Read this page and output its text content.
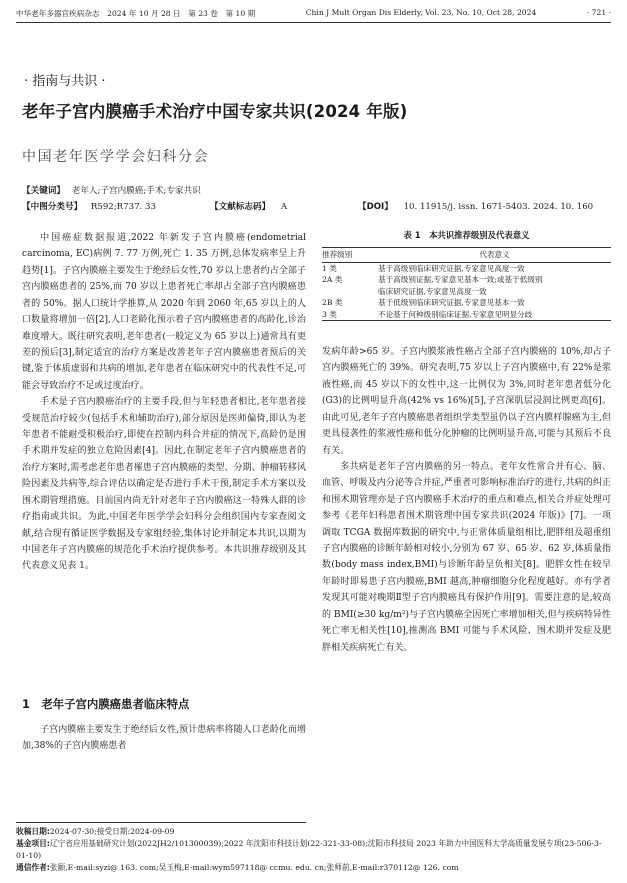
中华老年多器官疾病杂志　2024 年 10 月 28 日　第 23 卷　第 10 期	Chin J Mult Organ Dis Elderly, Vol. 23, No. 10, Oct 28, 2024	· 721 ·
· 指南与共识 ·
老年子宫内膜癌手术治疗中国专家共识(2024 年版)
中国老年医学学会妇科分会
【关键词】 老年人;子宫内膜癌;手术;专家共识
【中图分类号】 R592;R737. 33	【文献标志码】 A	【DOI】 10. 11915/j. issn. 1671-5403. 2024. 10. 160

中国癌症数据报道,2022 年新发子宫内膜癌(endometrial carcinoma, EC)病例 7. 77 万例,死亡 1. 35 万例,总体发病率呈上升趋势[1]。子宫内膜癌主要发生于绝经后女性,70 岁以上患者约占全部子宫内膜癌患者的 25%,而 70 岁以上患者死亡率却占全部子宫内膜癌患者的 50%。据人口统计学推算,从 2020 年到 2060 年,65 岁以上的人口数量将增加一倍[2],人口老龄化预示着子宫内膜癌患者的高龄化,诊治难度增大。既往研究表明,老年患者(一般定义为 65 岁以上)通常具有更差的预后[3],制定适宜的治疗方案是改善老年子宫内膜癌患者预后的关键,鉴于体质虚弱和共病的增加,老年患者在临床研究中的代表性不足,可能会导致治疗不足或过度治疗。

手术是子宫内膜癌治疗的主要手段,但与年轻患者相比,老年患者接受规范治疗较少(包括手术和辅助治疗),部分原因是医师偏倚,即认为老年患者不能耐受积极治疗,即使在控制内科合并症的情况下,高龄仍是围手术期并发症的独立危险因素[4]。因此,在制定老年子宫内膜癌患者的治疗方案时,需考虑老年患者罹患子宫内膜癌的类型、分期、肿瘤转移风险因素及共病等,综合评估以确定是否进行手术干预,制定手术方案以及围术期管理措施。目前国内尚无针对老年子宫内膜癌这一特殊人群的诊疗指南或共识。为此,中国老年医学学会妇科分会组织国内专家查阅文献,结合现有循证医学数据及专家组经验,集体讨论并制定本共识,以期为中国老年子宫内膜癌的规范化手术治疗提供参考。本共识推荐级别及其代表意义见表 1。

1　老年子宫内膜癌患者临床特点

子宫内膜癌主要发生于绝经后女性,预计患病率将随人口老龄化而增加,38%的子宫内膜癌患者

表 1　本共识推荐级别及代表意义
推荐级别	代表意义
1 类	基于高级别临床研究证据,专家意见高度一致
2A 类	基于高级别证据,专家意见基本一致;或基于低级别
临床研究证据,专家意见高度一致
2B 类	基于低级别临床研究证据,专家意见基本一致
3 类	不论基于何种级别临床证据,专家意见明显分歧

发病年龄>65 岁。子宫内膜浆液性癌占全部子宫内膜癌的 10%,却占子宫内膜癌死亡的 39%。研究表明,75 岁以上子宫内膜癌中,有 22%是浆液性癌,而 45 岁以下的女性中,这一比例仅为 3%,同时老年患者低分化(G3)的比例明显升高(42% vs 16%)[5],子宫深肌层浸润比例更高[6]。由此可见,老年子宫内膜癌患者组织学类型虽仍以子宫内膜样腺癌为主,但更具侵袭性的浆液性癌和低分化肿瘤的比例明显升高,可能与其预后不良有关。

多共病是老年子宫内膜癌的另一特点。老年女性常合并有心、脑、血管、呼吸及内分泌等合并症,严重者可影响标准治疗的进行,共病的纠正和围术期管理亦是子宫内膜癌手术治疗的重点和难点,相关合并症处理可参考《老年妇科患者围术期管理中国专家共识(2024 年版)》[7]。一项调取 TCGA 数据库数据的研究中,与正常体质量组相比,肥胖组及超重组子宫内膜癌的诊断年龄相对较小,分别为 67 岁、65 岁、62 岁,体质量指数(body mass index,BMI)与诊断年龄呈负相关[8]。肥胖女性在较早年龄时即易患子宫内膜癌,BMI 越高,肿瘤细胞分化程度越好。亦有学者发现其可能对晚期Ⅱ型子宫内膜癌具有保护作用[9]。需要注意的是,较高的 BMI(≥30 kg/m²)与子宫内膜癌全因死亡率增加相关,但与疾病特异性死亡率无相关性[10],推测高 BMI 可能与手术风险、围术期并发症及肥胖相关疾病死亡有关。

收稿日期:2024-07-30;接受日期:2024-09-09
基金项目:辽宁省应用基础研究计划(2022JH2/101300039);2022 年沈阳市科技计划(22-321-33-08);沈阳市科技局 2023 年助力中国医科大学高质量发展专项(23-506-3-01-10)
通信作者:张颐,E-mail:syzi@ 163. com;吴玉梅,E-mail:wym597118@ ccmu. edu. cn;张师前,E-mail:r370112@ 126. com
